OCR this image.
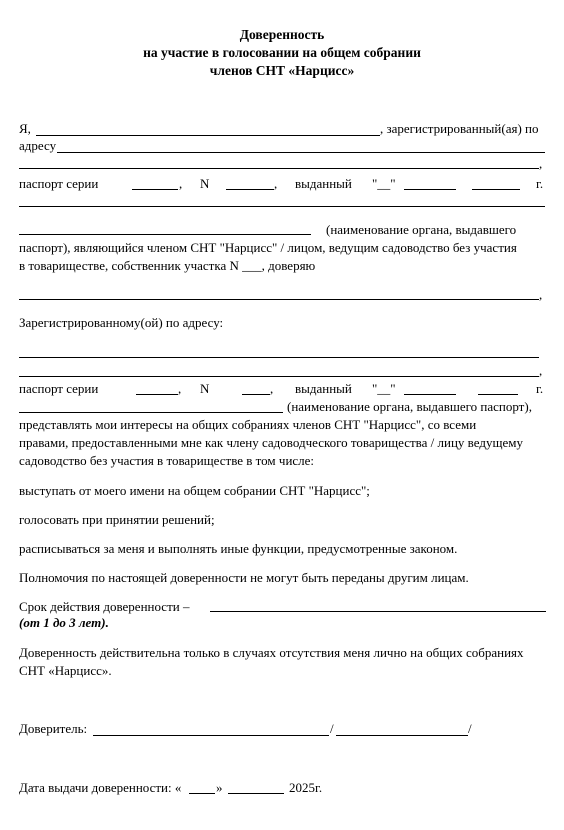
Доверенность
на участие в голосовании на общем собрании
членов СНТ «Нарцисс»
Я,	, зарегистрированный(ая) по
адресу
,
паспорт серии	, N	, выданный "__"	г.
(наименование органа, выдавшего
паспорт), являющийся членом СНТ "Нарцисс" / лицом, ведущим садоводство без участия
в товариществе, собственник участка N ___, доверяю
,
Зарегистрированному(ой) по адресу:
,
паспорт серии	, N	, выданный "__"	г.
(наименование органа, выдавшего паспорт),
представлять мои интересы на общих собраниях членов СНТ "Нарцисс", со всеми
правами, предоставленными мне как члену садоводческого товарищества / лицу ведущему
садоводство без участия в товариществе в том числе:
выступать от моего имени на общем собрании СНТ "Нарцисс";
голосовать при принятии решений;
расписываться за меня и выполнять иные функции, предусмотренные законом.
Полномочия по настоящей доверенности не могут быть переданы другим лицам.
Срок действия доверенности –
(от 1 до 3 лет).
Доверенность действительна только в случаях отсутствия меня лично на общих собраниях
СНТ «Нарцисс».
Доверитель:	/	/
Дата выдачи доверенности: «	»	2025г.
